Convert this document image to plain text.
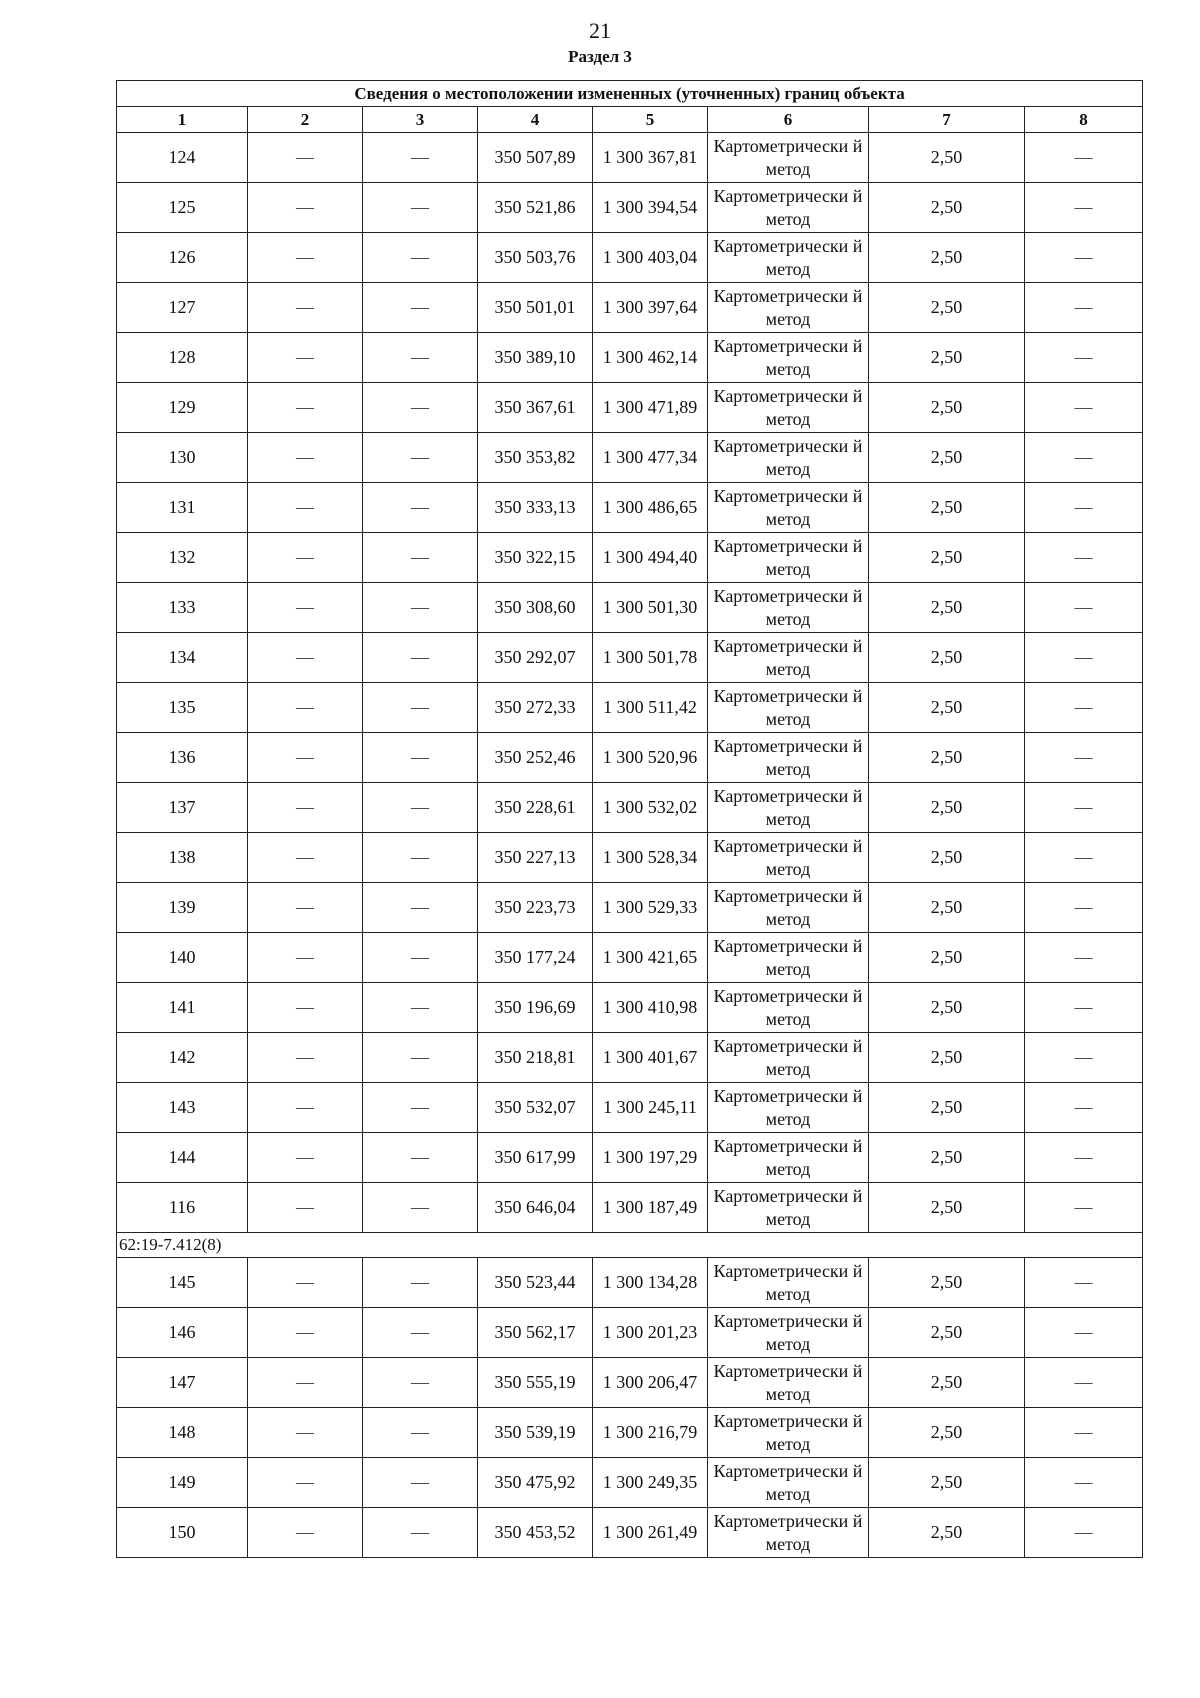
21
Раздел 3
Сведения о местоположении измененных (уточненных) границ объекта							
1	2	3	4	5	6	7	8
124	—	—	350 507,89	1 300 367,81	Картометрически й метод	2,50	—
125	—	—	350 521,86	1 300 394,54	Картометрически й метод	2,50	—
126	—	—	350 503,76	1 300 403,04	Картометрически й метод	2,50	—
127	—	—	350 501,01	1 300 397,64	Картометрически й метод	2,50	—
128	—	—	350 389,10	1 300 462,14	Картометрически й метод	2,50	—
129	—	—	350 367,61	1 300 471,89	Картометрически й метод	2,50	—
130	—	—	350 353,82	1 300 477,34	Картометрически й метод	2,50	—
131	—	—	350 333,13	1 300 486,65	Картометрически й метод	2,50	—
132	—	—	350 322,15	1 300 494,40	Картометрически й метод	2,50	—
133	—	—	350 308,60	1 300 501,30	Картометрически й метод	2,50	—
134	—	—	350 292,07	1 300 501,78	Картометрически й метод	2,50	—
135	—	—	350 272,33	1 300 511,42	Картометрически й метод	2,50	—
136	—	—	350 252,46	1 300 520,96	Картометрически й метод	2,50	—
137	—	—	350 228,61	1 300 532,02	Картометрически й метод	2,50	—
138	—	—	350 227,13	1 300 528,34	Картометрически й метод	2,50	—
139	—	—	350 223,73	1 300 529,33	Картометрически й метод	2,50	—
140	—	—	350 177,24	1 300 421,65	Картометрически й метод	2,50	—
141	—	—	350 196,69	1 300 410,98	Картометрически й метод	2,50	—
142	—	—	350 218,81	1 300 401,67	Картометрически й метод	2,50	—
143	—	—	350 532,07	1 300 245,11	Картометрически й метод	2,50	—
144	—	—	350 617,99	1 300 197,29	Картометрически й метод	2,50	—
116	—	—	350 646,04	1 300 187,49	Картометрически й метод	2,50	—
62:19-7.412(8)							
145	—	—	350 523,44	1 300 134,28	Картометрически й метод	2,50	—
146	—	—	350 562,17	1 300 201,23	Картометрически й метод	2,50	—
147	—	—	350 555,19	1 300 206,47	Картометрически й метод	2,50	—
148	—	—	350 539,19	1 300 216,79	Картометрически й метод	2,50	—
149	—	—	350 475,92	1 300 249,35	Картометрически й метод	2,50	—
150	—	—	350 453,52	1 300 261,49	Картометрически й метод	2,50	—
